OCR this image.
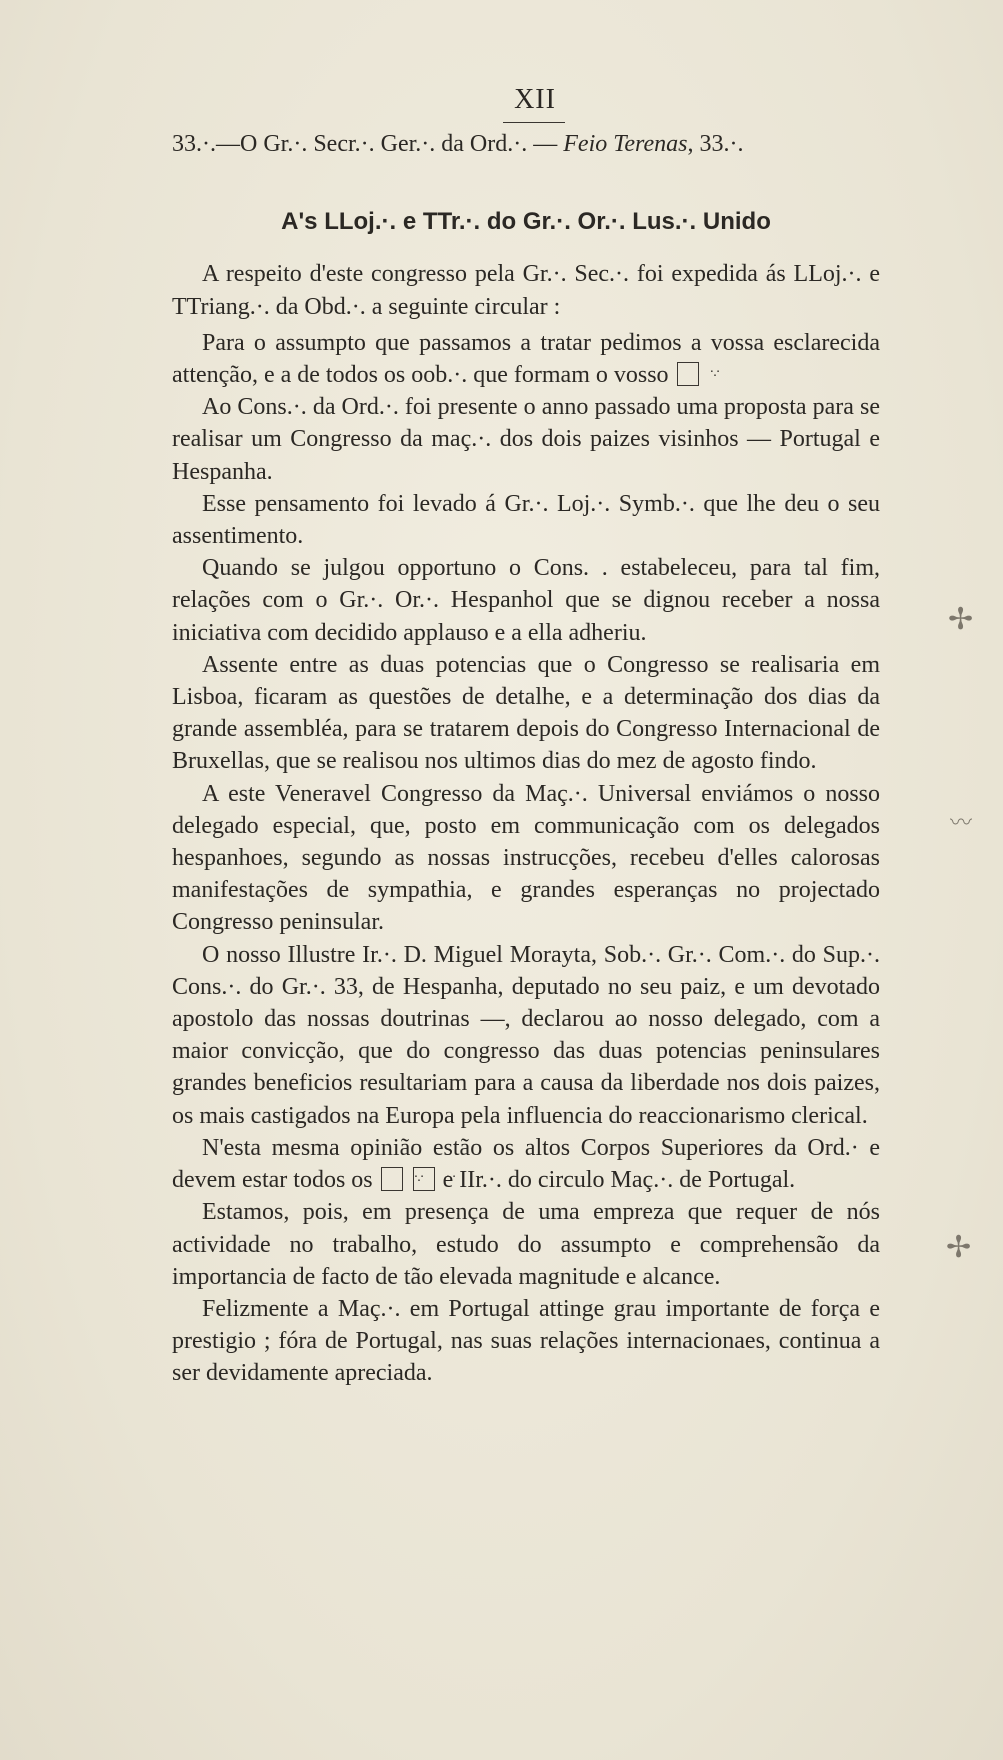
XII

33.·.—O Gr.·. Secr.·. Ger.·. da Ord.·. — Feio Terenas, 33.·.

A's LLoj.·. e TTr.·. do Gr.·. Or.·. Lus.·. Unido

A respeito d'este congresso pela Gr.·. Sec.·. foi expedida ás LLoj.·. e TTriang.·. da Obd.·. a seguinte circular :

Para o assumpto que passamos a tratar pedimos a vossa esclarecida attenção, e a de todos os oob.·. que formam o vosso ·.·

Ao Cons.·. da Ord.·. foi presente o anno passado uma proposta para se realisar um Congresso da maç.·. dos dois paizes visinhos — Portugal e Hespanha.

Esse pensamento foi levado á Gr.·. Loj.·. Symb.·. que lhe deu o seu assentimento.

Quando se julgou opportuno o Cons. . estabeleceu, para tal fim, relações com o Gr.·. Or.·. Hespanhol que se dignou receber a nossa iniciativa com decidido applauso e a ella adheriu.

Assente entre as duas potencias que o Congresso se realisaria em Lisboa, ficaram as questões de detalhe, e a determinação dos dias da grande assembléa, para se tratarem depois do Congresso Internacional de Bruxellas, que se realisou nos ultimos dias do mez de agosto findo.

A este Veneravel Congresso da Maç.·. Universal enviámos o nosso delegado especial, que, posto em communicação com os delegados hespanhoes, segundo as nossas instrucções, recebeu d'elles calorosas manifestações de sympathia, e grandes esperanças no projectado Congresso peninsular.

O nosso Illustre Ir.·. D. Miguel Morayta, Sob.·. Gr.·. Com.·. do Sup.·. Cons.·. do Gr.·. 33, de Hespanha, deputado no seu paiz, e um devotado apostolo das nossas doutrinas —, declarou ao nosso delegado, com a maior convicção, que do congresso das duas potencias peninsulares grandes beneficios resultariam para a causa da liberdade nos dois paizes, os mais castigados na Europa pela influencia do reaccionarismo clerical.

N'esta mesma opinião estão os altos Corpos Superiores da Ord.· e devem estar todos os ·.· ·.·	e IIr.·. do circulo Maç.·. de Portugal.

Estamos, pois, em presença de uma empreza que requer de nós actividade no trabalho, estudo do assumpto e comprehensão da importancia de facto de tão elevada magnitude e alcance.

Felizmente a Maç.·. em Portugal attinge grau importante de força e prestigio ; fóra de Portugal, nas suas relações internacionaes, continua a ser devidamente apreciada.

✢
〰
✢
